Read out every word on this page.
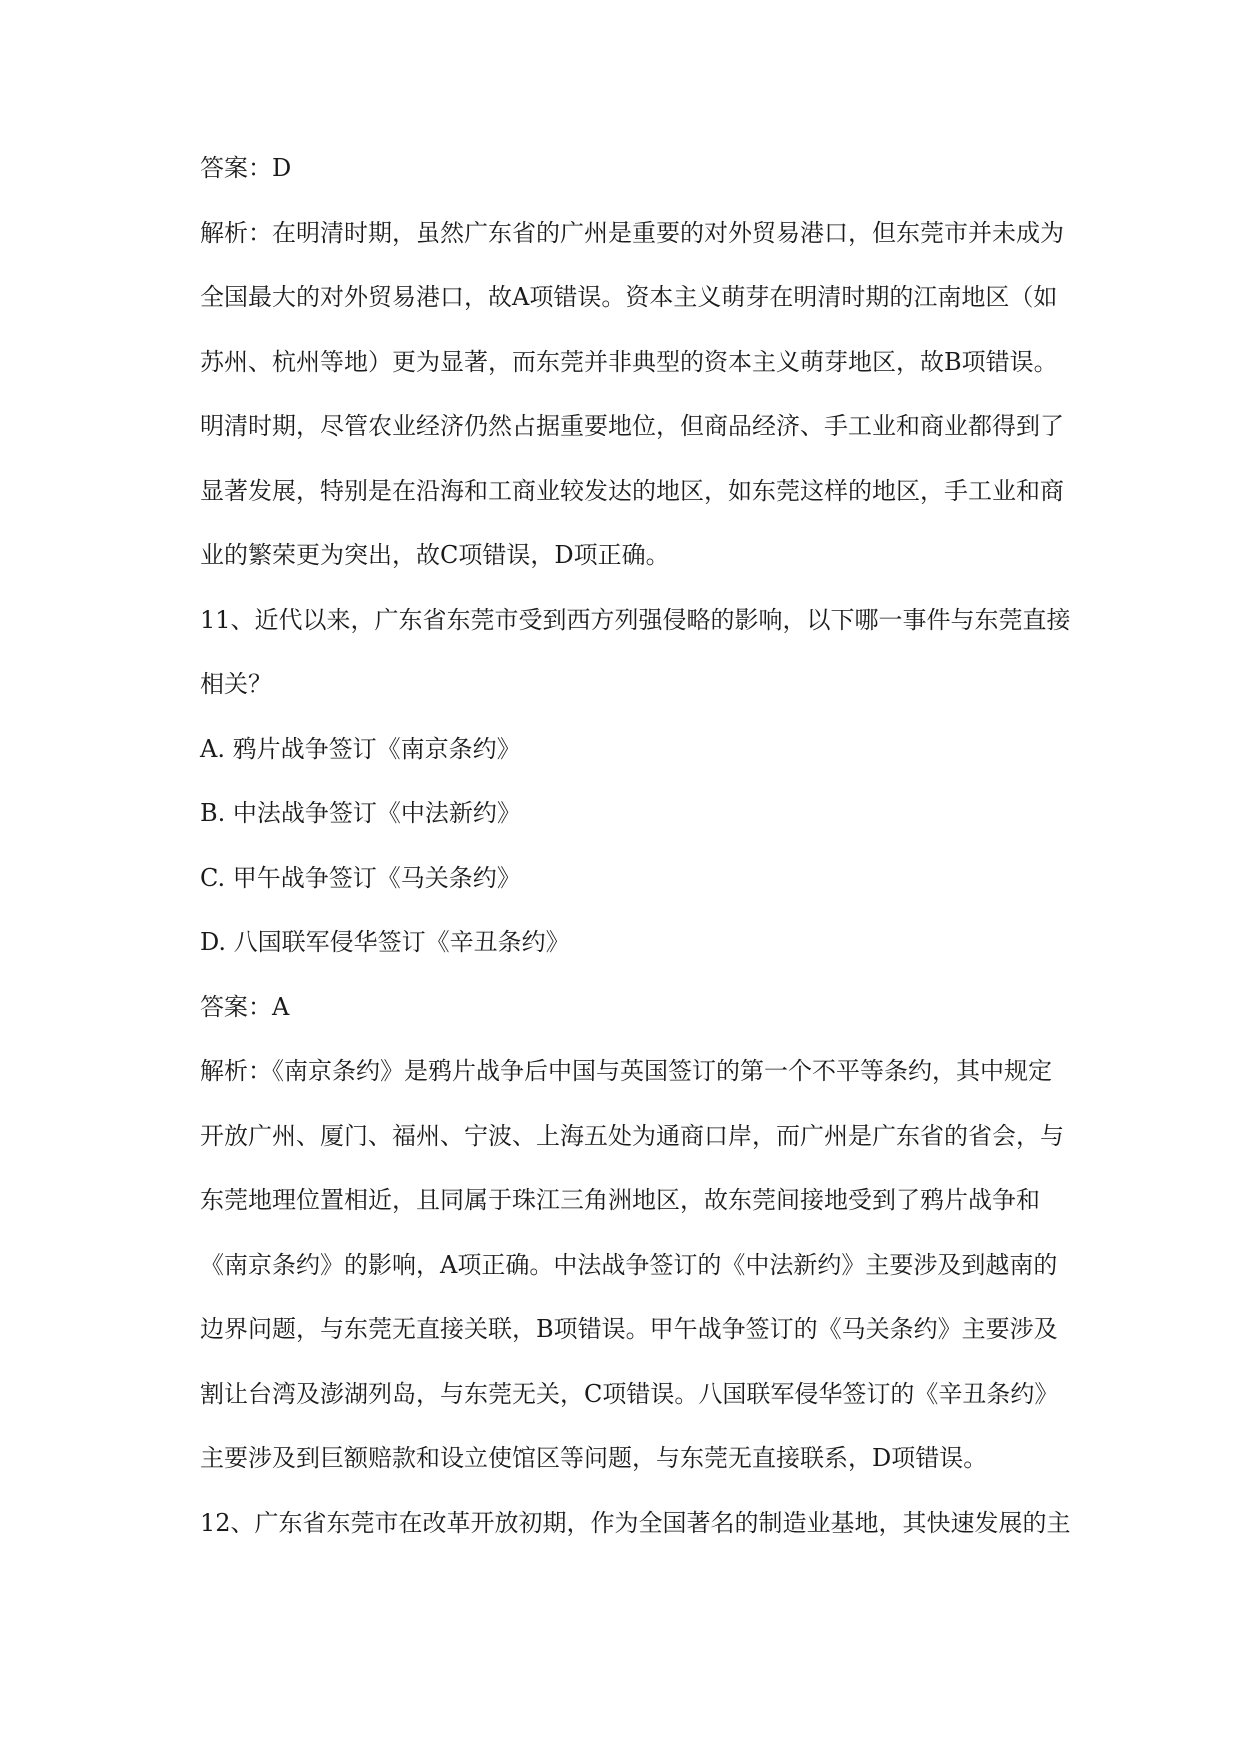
答案：D
解析：在明清时期，虽然广东省的广州是重要的对外贸易港口，但东莞市并未成为
全国最大的对外贸易港口，故A项错误。资本主义萌芽在明清时期的江南地区（如
苏州、杭州等地）更为显著，而东莞并非典型的资本主义萌芽地区，故B项错误。
明清时期，尽管农业经济仍然占据重要地位，但商品经济、手工业和商业都得到了
显著发展，特别是在沿海和工商业较发达的地区，如东莞这样的地区，手工业和商
业的繁荣更为突出，故C项错误，D项正确。
11、近代以来，广东省东莞市受到西方列强侵略的影响，以下哪一事件与东莞直接
相关？
A. 鸦片战争签订《南京条约》
B. 中法战争签订《中法新约》
C. 甲午战争签订《马关条约》
D. 八国联军侵华签订《辛丑条约》
答案：A
解析：《南京条约》是鸦片战争后中国与英国签订的第一个不平等条约，其中规定
开放广州、厦门、福州、宁波、上海五处为通商口岸，而广州是广东省的省会，与
东莞地理位置相近，且同属于珠江三角洲地区，故东莞间接地受到了鸦片战争和
《南京条约》的影响，A项正确。中法战争签订的《中法新约》主要涉及到越南的
边界问题，与东莞无直接关联，B项错误。甲午战争签订的《马关条约》主要涉及
割让台湾及澎湖列岛，与东莞无关，C项错误。八国联军侵华签订的《辛丑条约》
主要涉及到巨额赔款和设立使馆区等问题，与东莞无直接联系，D项错误。
12、广东省东莞市在改革开放初期，作为全国著名的制造业基地，其快速发展的主
